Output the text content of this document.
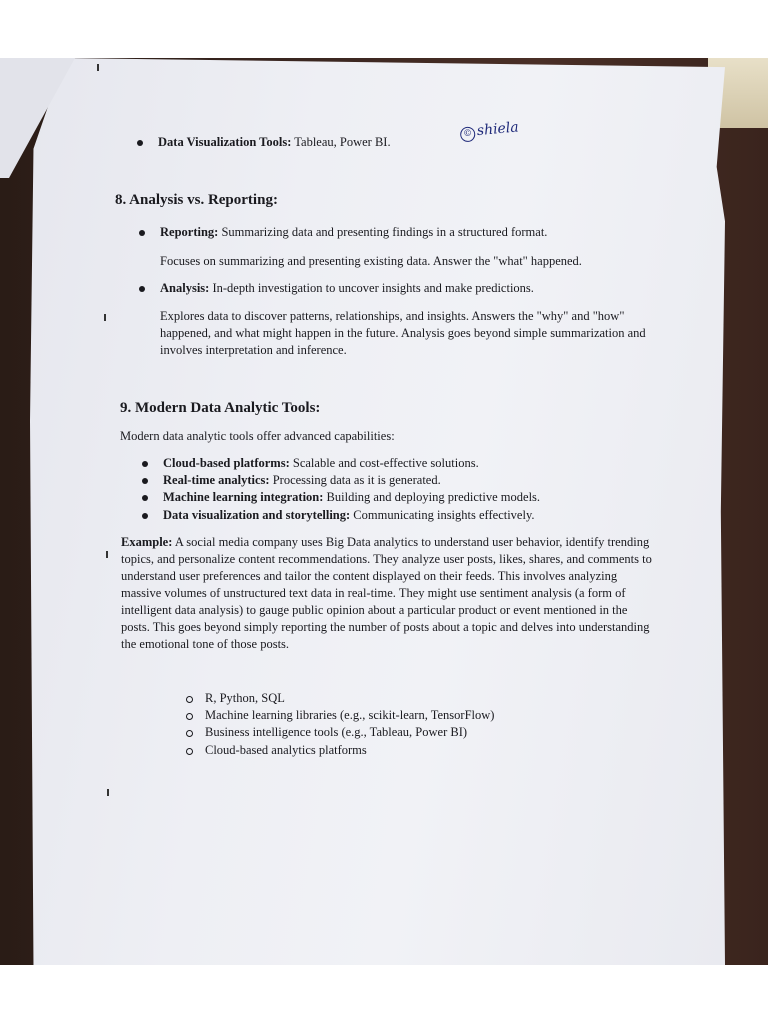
Data Visualization Tools: Tableau, Power BI.
© shiela
8. Analysis vs. Reporting:
Reporting: Summarizing data and presenting findings in a structured format.
Focuses on summarizing and presenting existing data. Answer the "what" happened.
Analysis: In-depth investigation to uncover insights and make predictions.
Explores data to discover patterns, relationships, and insights. Answers the "why" and "how" happened, and what might happen in the future. Analysis goes beyond simple summarization and involves interpretation and inference.
9. Modern Data Analytic Tools:
Modern data analytic tools offer advanced capabilities:
Cloud-based platforms: Scalable and cost-effective solutions.
Real-time analytics: Processing data as it is generated.
Machine learning integration: Building and deploying predictive models.
Data visualization and storytelling: Communicating insights effectively.
Example: A social media company uses Big Data analytics to understand user behavior, identify trending topics, and personalize content recommendations. They analyze user posts, likes, shares, and comments to understand user preferences and tailor the content displayed on their feeds. This involves analyzing massive volumes of unstructured text data in real-time. They might use sentiment analysis (a form of intelligent data analysis) to gauge public opinion about a particular product or event mentioned in the posts. This goes beyond simply reporting the number of posts about a topic and delves into understanding the emotional tone of those posts.
R, Python, SQL
Machine learning libraries (e.g., scikit-learn, TensorFlow)
Business intelligence tools (e.g., Tableau, Power BI)
Cloud-based analytics platforms
